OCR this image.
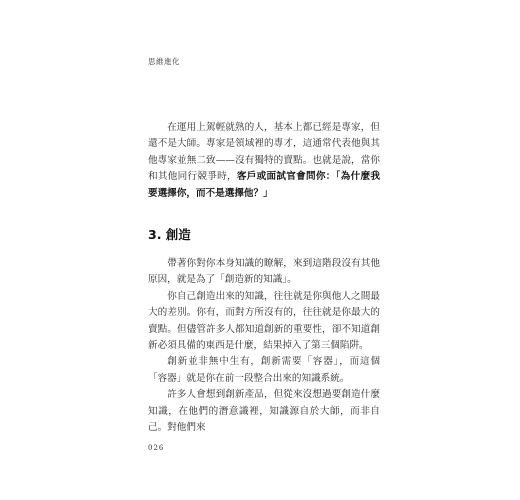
思維進化

在運用上駕輕就熟的人，基本上都已經是專家，但還不是大師。專家是領域裡的專才，這通常代表他與其他專家並無二致——沒有獨特的賣點。也就是說，當你和其他同行競爭時，客戶或面試官會問你：「為什麼我要選擇你，而不是選擇他？」

3. 創造

帶著你對你本身知識的瞭解，來到這階段沒有其他原因，就是為了「創造新的知識」。

你自己創造出來的知識，往往就是你與他人之間最大的差別。你有，而對方所沒有的，往往就是你最大的賣點。但儘管許多人都知道創新的重要性，卻不知道創新必須具備的東西是什麼，結果掉入了第三個陷阱。

創新並非無中生有，創新需要「容器」，而這個「容器」就是你在前一段整合出來的知識系統。

許多人會想到創新產品，但從來沒想過要創造什麼知識，在他們的潛意識裡，知識源自於大師，而非自己。對他們來

026
